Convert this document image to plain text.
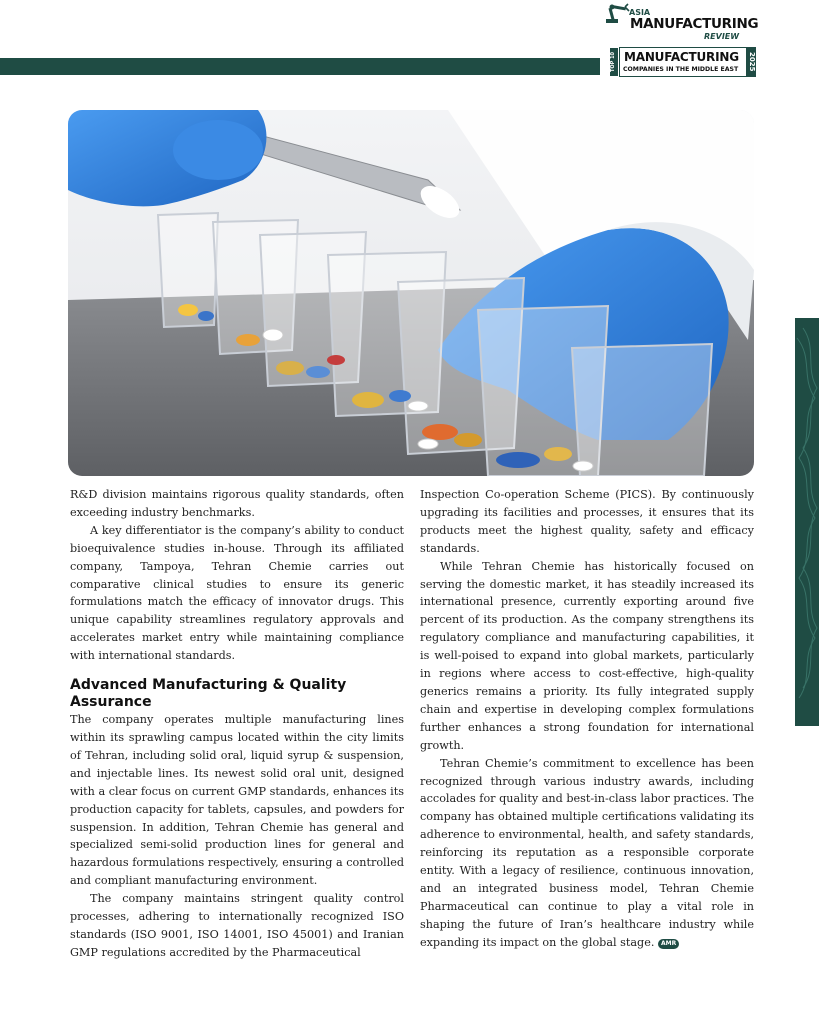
ASIA
MANUFACTURING
REVIEW
TOP 10 MANUFACTURING
COMPANIES IN THE MIDDLE EAST 2025

R&D division maintains rigorous quality standards, often exceeding industry benchmarks.

A key differentiator is the company’s ability to conduct bioequivalence studies in-house. Through its affiliated company, Tampoya, Tehran Chemie carries out comparative clinical studies to ensure its generic formulations match the efficacy of innovator drugs. This unique capability streamlines regulatory approvals and accelerates market entry while maintaining compliance with international standards.

Advanced Manufacturing & Quality Assurance

The company operates multiple manufacturing lines within its sprawling campus located within the city limits of Tehran, including solid oral, liquid syrup & suspension, and injectable lines. Its newest solid oral unit, designed with a clear focus on current GMP standards, enhances its production capacity for tablets, capsules, and powders for suspension. In addition, Tehran Chemie has general and specialized semi-solid production lines for general and hazardous formulations respectively, ensuring a controlled and compliant manufacturing environment.

The company maintains stringent quality control processes, adhering to internationally recognized ISO standards (ISO 9001, ISO 14001, ISO 45001) and Iranian GMP regulations accredited by the Pharmaceutical

Inspection Co-operation Scheme (PICS). By continuously upgrading its facilities and processes, it ensures that its products meet the highest quality, safety and efficacy standards.

While Tehran Chemie has historically focused on serving the domestic market, it has steadily increased its international presence, currently exporting around five percent of its production. As the company strengthens its regulatory compliance and manufacturing capabilities, it is well-poised to expand into global markets, particularly in regions where access to cost-effective, high-quality generics remains a priority. Its fully integrated supply chain and expertise in developing complex formulations further enhances a strong foundation for international growth.

Tehran Chemie’s commitment to excellence has been recognized through various industry awards, including accolades for quality and best-in-class labor practices. The company has obtained multiple certifications validating its adherence to environmental, health, and safety standards, reinforcing its reputation as a responsible corporate entity. With a legacy of resilience, continuous innovation, and an integrated business model, Tehran Chemie Pharmaceutical can continue to play a vital role in shaping the future of Iran’s healthcare industry while expanding its impact on the global stage. AMR
